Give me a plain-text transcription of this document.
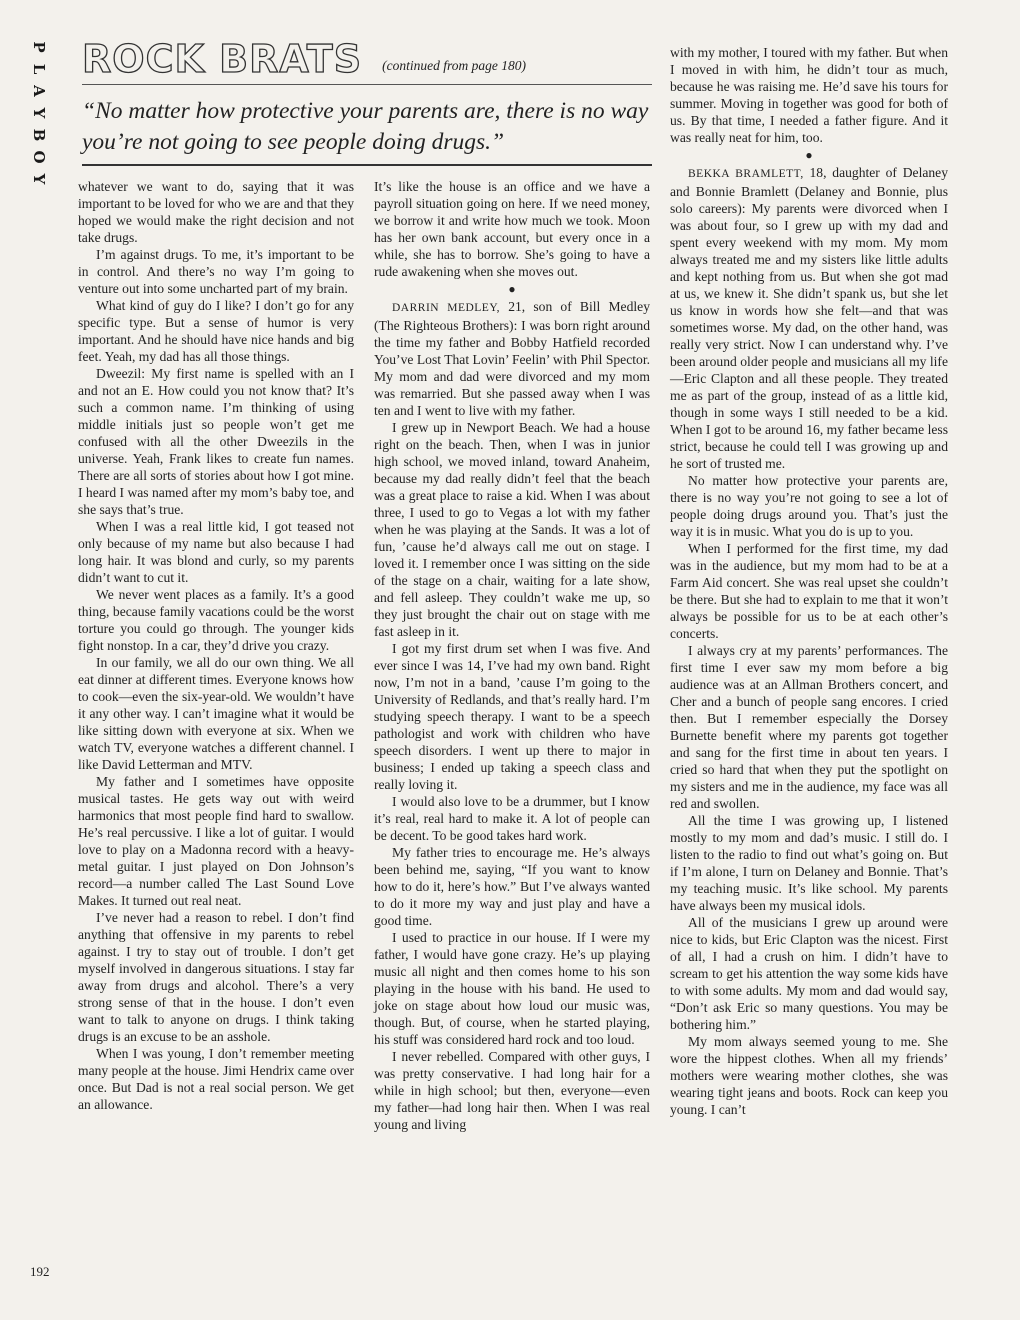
P
L
A
Y
B
O
Y
ROCK BRATS (continued from page 180)
“No matter how protective your parents are, there is no way you’re not going to see people doing drugs.”

whatever we want to do, saying that it was important to be loved for who we are and that they hoped we would make the right decision and not take drugs.

I’m against drugs. To me, it’s important to be in control. And there’s no way I’m going to venture out into some uncharted part of my brain.

What kind of guy do I like? I don’t go for any specific type. But a sense of humor is very important. And he should have nice hands and big feet. Yeah, my dad has all those things.

Dweezil: My first name is spelled with an I and not an E. How could you not know that? It’s such a common name. I’m thinking of using middle initials just so people won’t get me confused with all the other Dweezils in the universe. Yeah, Frank likes to create fun names. There are all sorts of stories about how I got mine. I heard I was named after my mom’s baby toe, and she says that’s true.

When I was a real little kid, I got teased not only because of my name but also because I had long hair. It was blond and curly, so my parents didn’t want to cut it.

We never went places as a family. It’s a good thing, because family vacations could be the worst torture you could go through. The younger kids fight nonstop. In a car, they’d drive you crazy.

In our family, we all do our own thing. We all eat dinner at different times. Everyone knows how to cook—even the six-year-old. We wouldn’t have it any other way. I can’t imagine what it would be like sitting down with everyone at six. When we watch TV, everyone watches a different channel. I like David Letterman and MTV.

My father and I sometimes have opposite musical tastes. He gets way out with weird harmonics that most people find hard to swallow. He’s real percussive. I like a lot of guitar. I would love to play on a Madonna record with a heavy-metal guitar. I just played on Don Johnson’s record—a number called The Last Sound Love Makes. It turned out real neat.

I’ve never had a reason to rebel. I don’t find anything that offensive in my parents to rebel against. I try to stay out of trouble. I don’t get myself involved in dangerous situations. I stay far away from drugs and alcohol. There’s a very strong sense of that in the house. I don’t even want to talk to anyone on drugs. I think taking drugs is an excuse to be an asshole.

When I was young, I don’t remember meeting many people at the house. Jimi Hendrix came over once. But Dad is not a real social person. We get an allowance.

It’s like the house is an office and we have a payroll situation going on here. If we need money, we borrow it and write how much we took. Moon has her own bank account, but every once in a while, she has to borrow. She’s going to have a rude awakening when she moves out.

●

DARRIN MEDLEY, 21, son of Bill Medley (The Righteous Brothers): I was born right around the time my father and Bobby Hatfield recorded You’ve Lost That Lovin’ Feelin’ with Phil Spector. My mom and dad were divorced and my mom was remarried. But she passed away when I was ten and I went to live with my father.

I grew up in Newport Beach. We had a house right on the beach. Then, when I was in junior high school, we moved inland, toward Anaheim, because my dad really didn’t feel that the beach was a great place to raise a kid. When I was about three, I used to go to Vegas a lot with my father when he was playing at the Sands. It was a lot of fun, ’cause he’d always call me out on stage. I loved it. I remember once I was sitting on the side of the stage on a chair, waiting for a late show, and fell asleep. They couldn’t wake me up, so they just brought the chair out on stage with me fast asleep in it.

I got my first drum set when I was five. And ever since I was 14, I’ve had my own band. Right now, I’m not in a band, ’cause I’m going to the University of Redlands, and that’s really hard. I’m studying speech therapy. I want to be a speech pathologist and work with children who have speech disorders. I went up there to major in business; I ended up taking a speech class and really loving it.

I would also love to be a drummer, but I know it’s real, real hard to make it. A lot of people can be decent. To be good takes hard work.

My father tries to encourage me. He’s always been behind me, saying, “If you want to know how to do it, here’s how.” But I’ve always wanted to do it more my way and just play and have a good time.

I used to practice in our house. If I were my father, I would have gone crazy. He’s up playing music all night and then comes home to his son playing in the house with his band. He used to joke on stage about how loud our music was, though. But, of course, when he started playing, his stuff was considered hard rock and too loud.

I never rebelled. Compared with other guys, I was pretty conservative. I had long hair for a while in high school; but then, everyone—even my father—had long hair then. When I was real young and living

with my mother, I toured with my father. But when I moved in with him, he didn’t tour as much, because he was raising me. He’d save his tours for summer. Moving in together was good for both of us. By that time, I needed a father figure. And it was really neat for him, too.

●

BEKKA BRAMLETT, 18, daughter of Delaney and Bonnie Bramlett (Delaney and Bonnie, plus solo careers): My parents were divorced when I was about four, so I grew up with my dad and spent every weekend with my mom. My mom always treated me and my sisters like little adults and kept nothing from us. But when she got mad at us, we knew it. She didn’t spank us, but she let us know in words how she felt—and that was sometimes worse. My dad, on the other hand, was really very strict. Now I can understand why. I’ve been around older people and musicians all my life—Eric Clapton and all these people. They treated me as part of the group, instead of as a little kid, though in some ways I still needed to be a kid. When I got to be around 16, my father became less strict, because he could tell I was growing up and he sort of trusted me.

No matter how protective your parents are, there is no way you’re not going to see a lot of people doing drugs around you. That’s just the way it is in music. What you do is up to you.

When I performed for the first time, my dad was in the audience, but my mom had to be at a Farm Aid concert. She was real upset she couldn’t be there. But she had to explain to me that it won’t always be possible for us to be at each other’s concerts.

I always cry at my parents’ performances. The first time I ever saw my mom before a big audience was at an Allman Brothers concert, and Cher and a bunch of people sang encores. I cried then. But I remember especially the Dorsey Burnette benefit where my parents got together and sang for the first time in about ten years. I cried so hard that when they put the spotlight on my sisters and me in the audience, my face was all red and swollen.

All the time I was growing up, I listened mostly to my mom and dad’s music. I still do. I listen to the radio to find out what’s going on. But if I’m alone, I turn on Delaney and Bonnie. That’s my teaching music. It’s like school. My parents have always been my musical idols.

All of the musicians I grew up around were nice to kids, but Eric Clapton was the nicest. First of all, I had a crush on him. I didn’t have to scream to get his attention the way some kids have to with some adults. My mom and dad would say, “Don’t ask Eric so many questions. You may be bothering him.”

My mom always seemed young to me. She wore the hippest clothes. When all my friends’ mothers were wearing mother clothes, she was wearing tight jeans and boots. Rock can keep you young. I can’t

192
